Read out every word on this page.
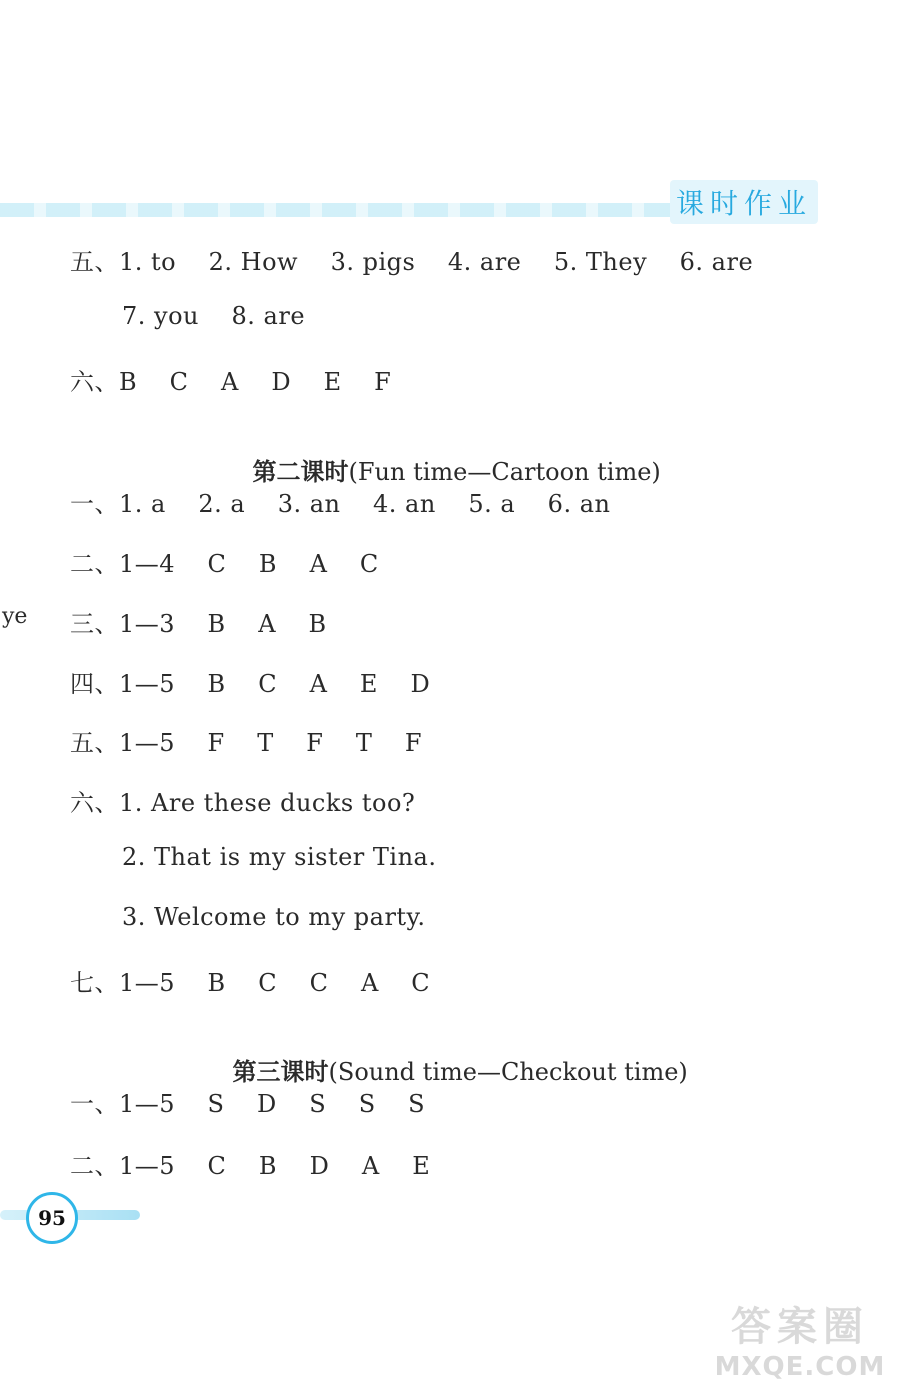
课时作业
五、1. to    2. How    3. pigs    4. are    5. They    6. are
7. you    8. are
六、B    C    A    D    E    F

第二课时(Fun time—Cartoon time)

一、1. a    2. a    3. an    4. an    5. a    6. an
二、1—4    C    B    A    C
三、1—3    B    A    B
四、1—5    B    C    A    E    D
五、1—5    F    T    F    T    F
六、1. Are these ducks too?
2. That is my sister Tina.
3. Welcome to my party.
七、1—5    B    C    C    A    C

第三课时(Sound time—Checkout time)

一、1—5    S    D    S    S    S
二、1—5    C    B    D    A    E
ye
95
答案圈
MXQE.COM
